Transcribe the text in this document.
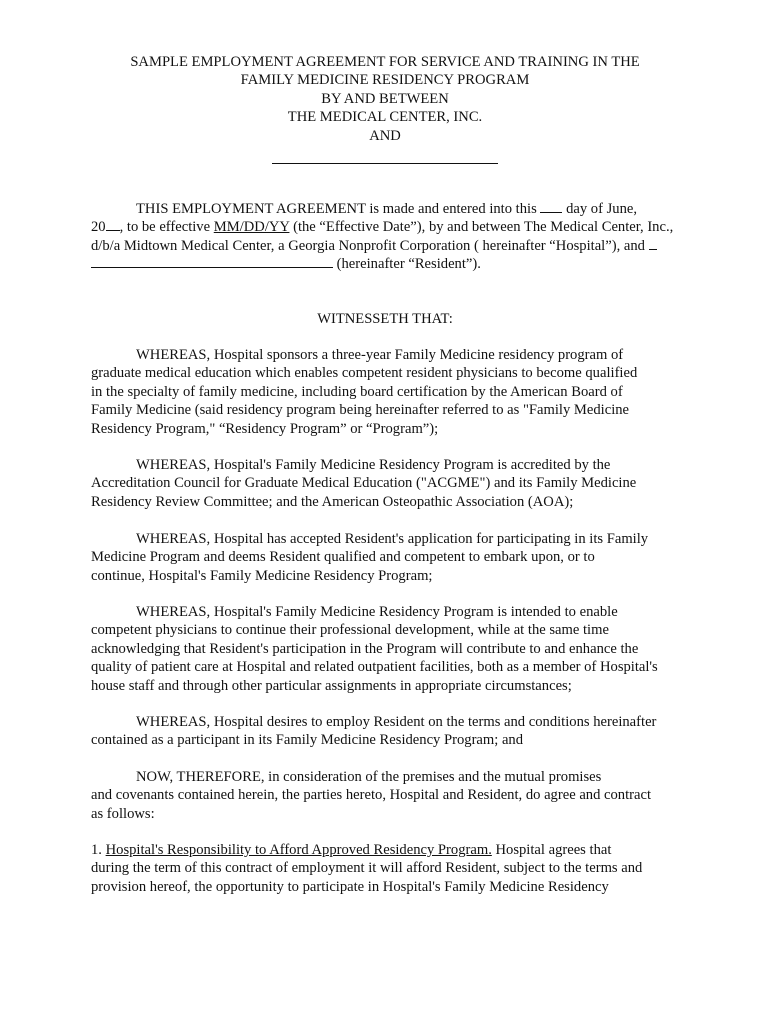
SAMPLE EMPLOYMENT AGREEMENT FOR SERVICE AND TRAINING IN THE
FAMILY MEDICINE RESIDENCY PROGRAM
BY AND BETWEEN
THE MEDICAL CENTER, INC.
AND
THIS EMPLOYMENT AGREEMENT is made and entered into this day of June,
20 , to be effective MM/DD/YY (the “Effective Date”), by and between The Medical Center, Inc.,
d/b/a Midtown Medical Center, a Georgia Nonprofit Corporation ( hereinafter “Hospital”), and
(hereinafter “Resident”).
WITNESSETH THAT:
WHEREAS, Hospital sponsors a three-year Family Medicine residency program of
graduate medical education which enables competent resident physicians to become qualified
in the specialty of family medicine, including board certification by the American Board of
Family Medicine (said residency program being hereinafter referred to as "Family Medicine
Residency Program," “Residency Program” or “Program”);
WHEREAS, Hospital's Family Medicine Residency Program is accredited by the
Accreditation Council for Graduate Medical Education ("ACGME") and its Family Medicine
Residency Review Committee; and the American Osteopathic Association (AOA);
WHEREAS, Hospital has accepted Resident's application for participating in its Family
Medicine Program and deems Resident qualified and competent to embark upon, or to
continue, Hospital's Family Medicine Residency Program;
WHEREAS, Hospital's Family Medicine Residency Program is intended to enable
competent physicians to continue their professional development, while at the same time
acknowledging that Resident's participation in the Program will contribute to and enhance the
quality of patient care at Hospital and related outpatient facilities, both as a member of Hospital's
house staff and through other particular assignments in appropriate circumstances;
WHEREAS, Hospital desires to employ Resident on the terms and conditions hereinafter
contained as a participant in its Family Medicine Residency Program; and
NOW, THEREFORE, in consideration of the premises and the mutual promises
and covenants contained herein, the parties hereto, Hospital and Resident, do agree and contract
as follows:
1. Hospital's Responsibility to Afford Approved Residency Program. Hospital agrees that
during the term of this contract of employment it will afford Resident, subject to the terms and
provision hereof, the opportunity to participate in Hospital's Family Medicine Residency
